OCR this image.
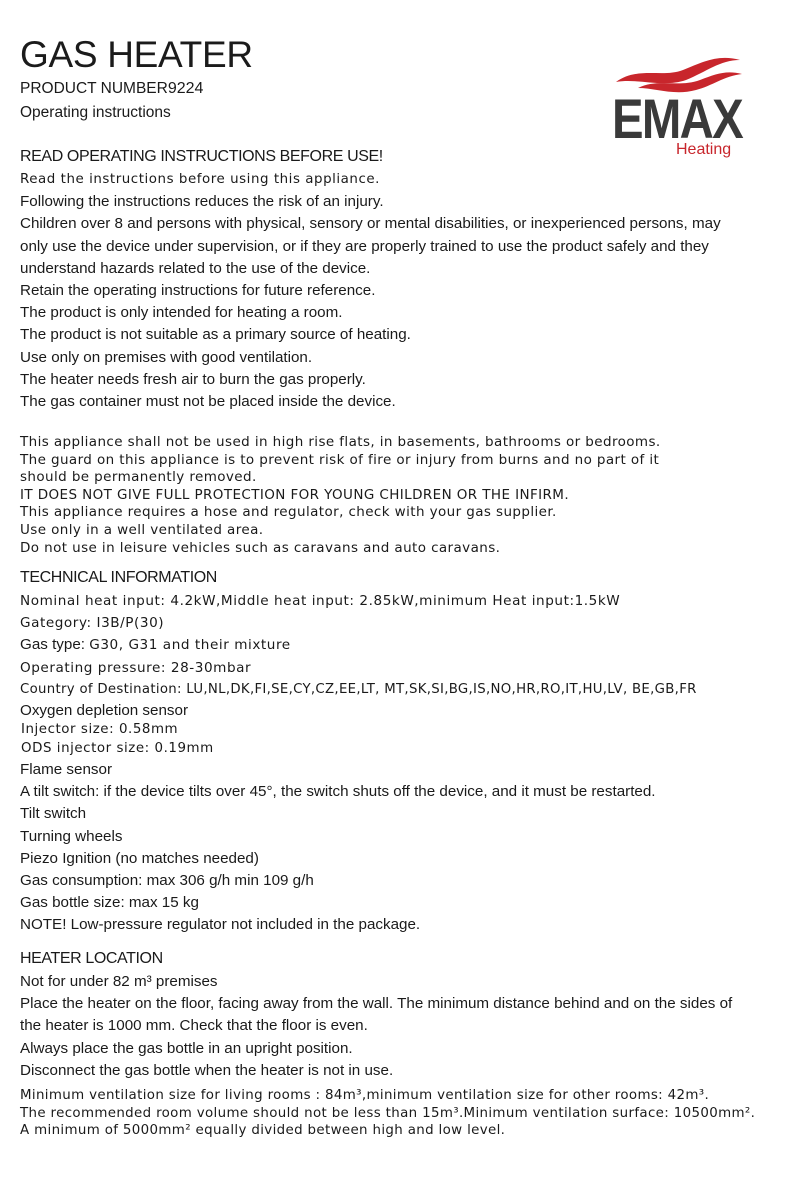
GAS HEATER
PRODUCT NUMBER9224
Operating instructions	EMAX
Heating
READ OPERATING INSTRUCTIONS BEFORE USE!
Read the instructions before using this appliance.
Following the instructions reduces the risk of an injury.
Children over 8 and persons with physical, sensory or mental disabilities, or inexperienced persons, may
only use the device under supervision, or if they are properly trained to use the product safely and they
understand hazards related to the use of the device.
Retain the operating instructions for future reference.
The product is only intended for heating a room.
The product is not suitable as a primary source of heating.
Use only on premises with good ventilation.
The heater needs fresh air to burn the gas properly.
The gas container must not be placed inside the device.
This appliance shall not be used in high rise flats, in basements, bathrooms or bedrooms.
The guard on this appliance is to prevent risk of fire or injury from burns and no part of it
should be permanently removed.
IT DOES NOT GIVE FULL PROTECTION FOR YOUNG CHILDREN OR THE INFIRM.
This appliance requires a hose and regulator, check with your gas supplier.
Use only in a well ventilated area.
Do not use in leisure vehicles such as caravans and auto caravans.
TECHNICAL INFORMATION
Nominal heat input: 4.2kW,Middle heat input: 2.85kW,minimum Heat input:1.5kW
Gategory: I3B/P(30)
Gas type: G30, G31 and their mixture
Operating pressure: 28-30mbar
Country of Destination: LU,NL,DK,FI,SE,CY,CZ,EE,LT, MT,SK,SI,BG,IS,NO,HR,RO,IT,HU,LV, BE,GB,FR
Oxygen depletion sensor
Injector size: 0.58mm
ODS injector size: 0.19mm
Flame sensor
A tilt switch: if the device tilts over 45°, the switch shuts off the device, and it must be restarted.
Tilt switch
Turning wheels
Piezo Ignition (no matches needed)
Gas consumption: max 306 g/h min 109 g/h
Gas bottle size: max 15 kg
NOTE! Low-pressure regulator not included in the package.
HEATER LOCATION
Not for under 82 m³ premises
Place the heater on the floor, facing away from the wall. The minimum distance behind and on the sides of
the heater is 1000 mm. Check that the floor is even.
Always place the gas bottle in an upright position.
Disconnect the gas bottle when the heater is not in use.
Minimum ventilation size for living rooms : 84m³,minimum ventilation size for other rooms: 42m³.
The recommended room volume should not be less than 15m³.Minimum ventilation surface: 10500mm².
A minimum of 5000mm² equally divided between high and low level.
